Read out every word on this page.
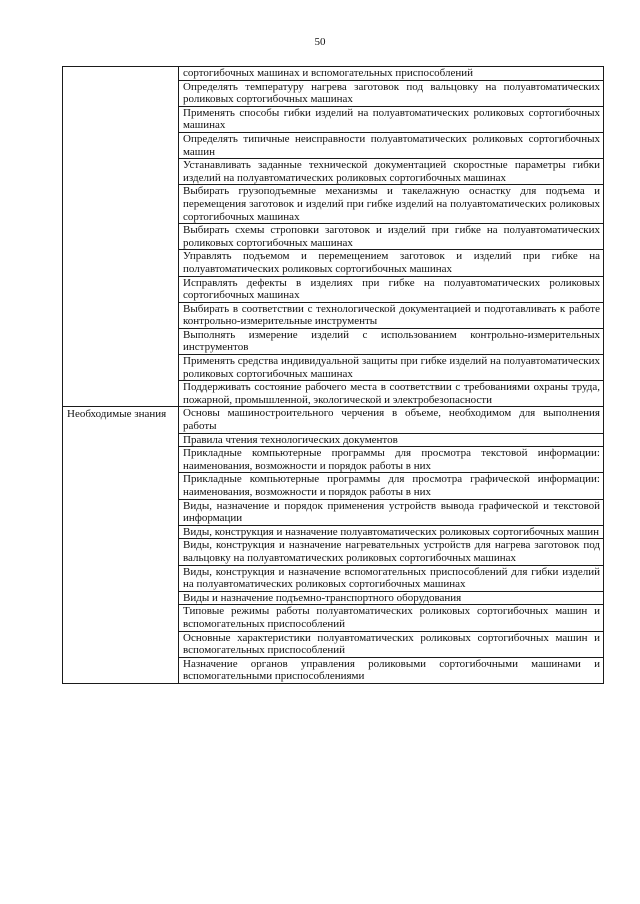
50
	сортогибочных машинах и вспомогательных приспособлений
	Определять температуру нагрева заготовок под вальцовку на полуавтоматических роликовых сортогибочных машинах
	Применять способы гибки изделий на полуавтоматических роликовых сортогибочных машинах
	Определять типичные неисправности полуавтоматических роликовых сортогибочных машин
	Устанавливать заданные технической документацией скоростные параметры гибки изделий на полуавтоматических роликовых сортогибочных машинах
	Выбирать грузоподъемные механизмы и такелажную оснастку для подъема и перемещения заготовок и изделий при гибке изделий на полуавтоматических роликовых сортогибочных машинах
	Выбирать схемы строповки заготовок и изделий при гибке на полуавтоматических роликовых сортогибочных машинах
	Управлять подъемом и перемещением заготовок и изделий при гибке на полуавтоматических роликовых сортогибочных машинах
	Исправлять дефекты в изделиях при гибке на полуавтоматических роликовых сортогибочных машинах
	Выбирать в соответствии с технологической документацией и подготавливать к работе контрольно-измерительные инструменты
	Выполнять измерение изделий с использованием контрольно-измерительных инструментов
	Применять средства индивидуальной защиты при гибке изделий на полуавтоматических роликовых сортогибочных машинах
	Поддерживать состояние рабочего места в соответствии с требованиями охраны труда, пожарной, промышленной, экологической и электробезопасности
Необходимые знания	Основы машиностроительного черчения в объеме, необходимом для выполнения работы
	Правила чтения технологических документов
	Прикладные компьютерные программы для просмотра текстовой информации: наименования, возможности и порядок работы в них
	Прикладные компьютерные программы для просмотра графической информации: наименования, возможности и порядок работы в них
	Виды, назначение и порядок применения устройств вывода графической и текстовой информации
	Виды, конструкция и назначение полуавтоматических роликовых сортогибочных машин
	Виды, конструкция и назначение нагревательных устройств для нагрева заготовок под вальцовку на полуавтоматических роликовых сортогибочных машинах
	Виды, конструкция и назначение вспомогательных приспособлений для гибки изделий на полуавтоматических роликовых сортогибочных машинах
	Виды и назначение подъемно-транспортного оборудования
	Типовые режимы работы полуавтоматических роликовых сортогибочных машин и вспомогательных приспособлений
	Основные характеристики полуавтоматических роликовых сортогибочных машин и вспомогательных приспособлений
	Назначение органов управления роликовыми сортогибочными машинами и вспомогательными приспособлениями
